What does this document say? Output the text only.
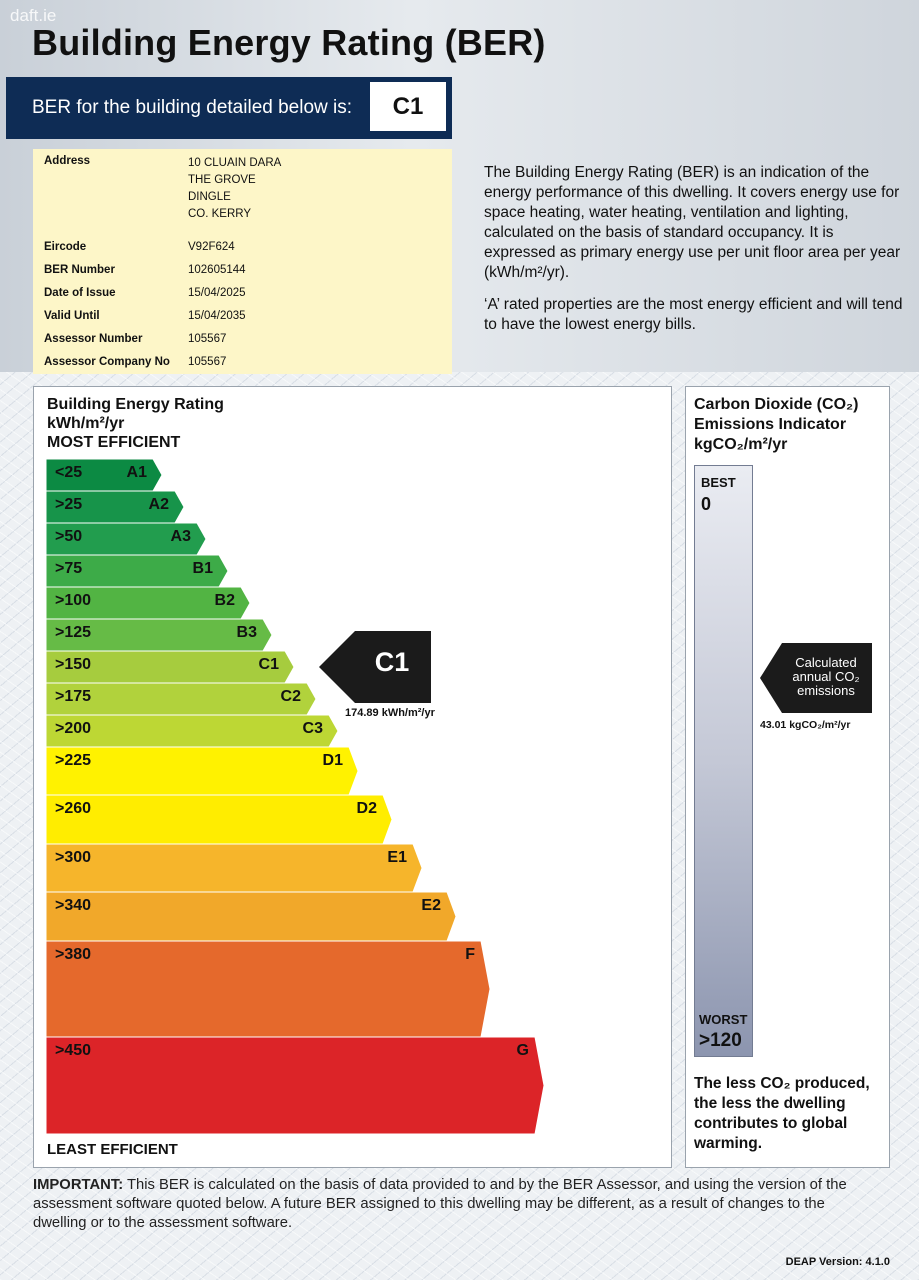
daft.ie
Building Energy Rating (BER)
BER for the building detailed below is:	C1
Address	10 CLUAIN DARA
THE GROVE
DINGLE
CO. KERRY
Eircode	V92F624
BER Number	102605144
Date of Issue	15/04/2025
Valid Until	15/04/2035
Assessor Number	105567
Assessor Company No 105567

The Building Energy Rating (BER) is an indication of the energy performance of this dwelling. It covers energy use for space heating, water heating, ventilation and lighting, calculated on the basis of standard occupancy. It is expressed as primary energy use per unit floor area per year (kWh/m²/yr).

‘A’ rated properties are the most energy efficient and will tend to have the lowest energy bills.

Building Energy Rating
kWh/m²/yr
MOST EFFICIENT
<25	A1
>25	A2
>50	A3
>75	B1
>100	B2
>125	B3
>150	C1
>175	C2
>200	C3
>225	D1
>260	D2
>300	E1
>340	E2
>380	F
>450	G
C1
174.89 kWh/m²/yr
LEAST EFFICIENT
Carbon Dioxide (CO₂)
Emissions Indicator
kgCO₂/m²/yr
BEST
0
WORST
>120
Calculated
annual CO₂
emissions
43.01 kgCO₂/m²/yr
The less CO₂ produced, the less the dwelling contributes to global warming.
IMPORTANT: This BER is calculated on the basis of data provided to and by the BER Assessor, and using the version of the assessment software quoted below. A future BER assigned to this dwelling may be different, as a result of changes to the dwelling or to the assessment software.
DEAP Version: 4.1.0
